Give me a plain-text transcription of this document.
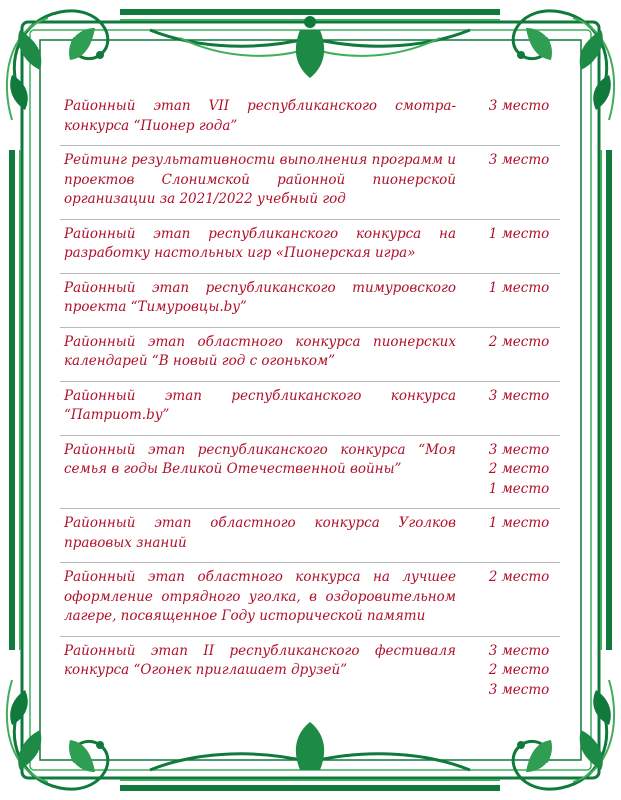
Районный этап VII республиканского смотра-конкурса “Пионер года”	3 место

Рейтинг результативности выполнения программ и проектов Слонимской районной пионерской организации за 2021/2022 учебный год	3 место

Районный этап республиканского конкурса на разработку настольных игр «Пионерская игра»	1 место

Районный этап республиканского тимуровского проекта “Тимуровцы.by”	1 место

Районный этап областного конкурса пионерских календарей “В новый год с огоньком”	2 место

Районный этап республиканского конкурса “Патриот.by”	3 место

Районный этап республиканского конкурса “Моя семья в годы Великой Отечественной войны”	3 место
2 место
1 место

Районный этап областного конкурса Уголков правовых знаний	1 место

Районный этап областного конкурса на лучшее оформление отрядного уголка, в оздоровительном лагере, посвященное Году исторической памяти	2 место

Районный этап II республиканского фестиваля конкурса “Огонек приглашает друзей”	3 место
2 место
3 место
